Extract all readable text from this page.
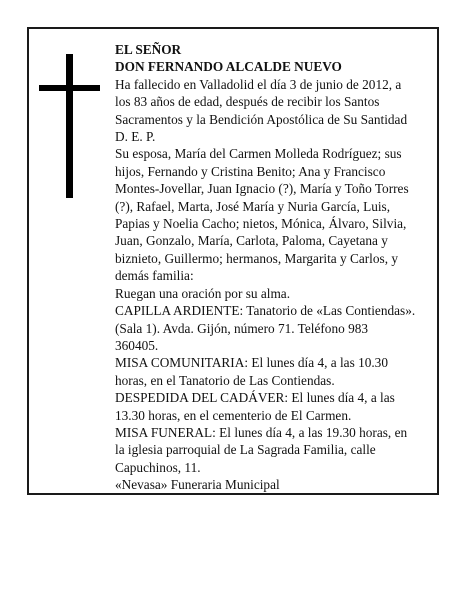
EL SEÑOR
DON FERNANDO ALCALDE NUEVO
Ha fallecido en Valladolid el día 3 de junio de 2012, a
los 83 años de edad, después de recibir los Santos
Sacramentos y la Bendición Apostólica de Su Santidad
D. E. P.
Su esposa, María del Carmen Molleda Rodríguez; sus
hijos, Fernando y Cristina Benito; Ana y Francisco
Montes-Jovellar, Juan Ignacio (?), María y Toño Torres
(?), Rafael, Marta, José María y Nuria García, Luis,
Papias y Noelia Cacho; nietos, Mónica, Álvaro, Silvia,
Juan, Gonzalo, María, Carlota, Paloma, Cayetana y
biznieto, Guillermo; hermanos, Margarita y Carlos, y
demás familia:
Ruegan una oración por su alma.
CAPILLA ARDIENTE: Tanatorio de «Las Contiendas».
(Sala 1). Avda. Gijón, número 71. Teléfono 983
360405.
MISA COMUNITARIA: El lunes día 4, a las 10.30
horas, en el Tanatorio de Las Contiendas.
DESPEDIDA DEL CADÁVER: El lunes día 4, a las
13.30 horas, en el cementerio de El Carmen.
MISA FUNERAL: El lunes día 4, a las 19.30 horas, en
la iglesia parroquial de La Sagrada Familia, calle
Capuchinos, 11.
«Nevasa» Funeraria Municipal
